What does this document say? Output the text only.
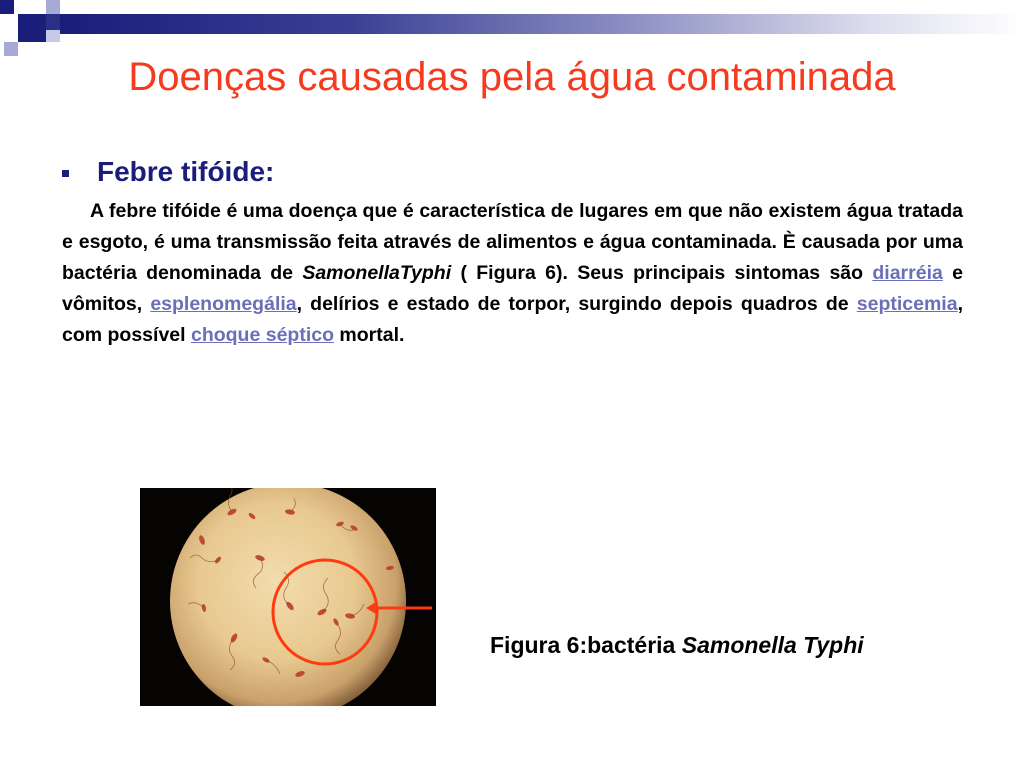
Doenças causadas pela água contaminada
Febre tifóide:
A febre tifóide é uma doença que é característica de lugares em que não existem água tratada e esgoto, é uma transmissão feita através de alimentos e água contaminada. È causada por uma bactéria denominada de SamonellaTyphi ( Figura 6). Seus principais sintomas são diarréia e vômitos, esplenomegália, delírios e estado de torpor, surgindo depois quadros de septicemia, com possível choque séptico mortal.
Figura 6:bactéria Samonella Typhi
